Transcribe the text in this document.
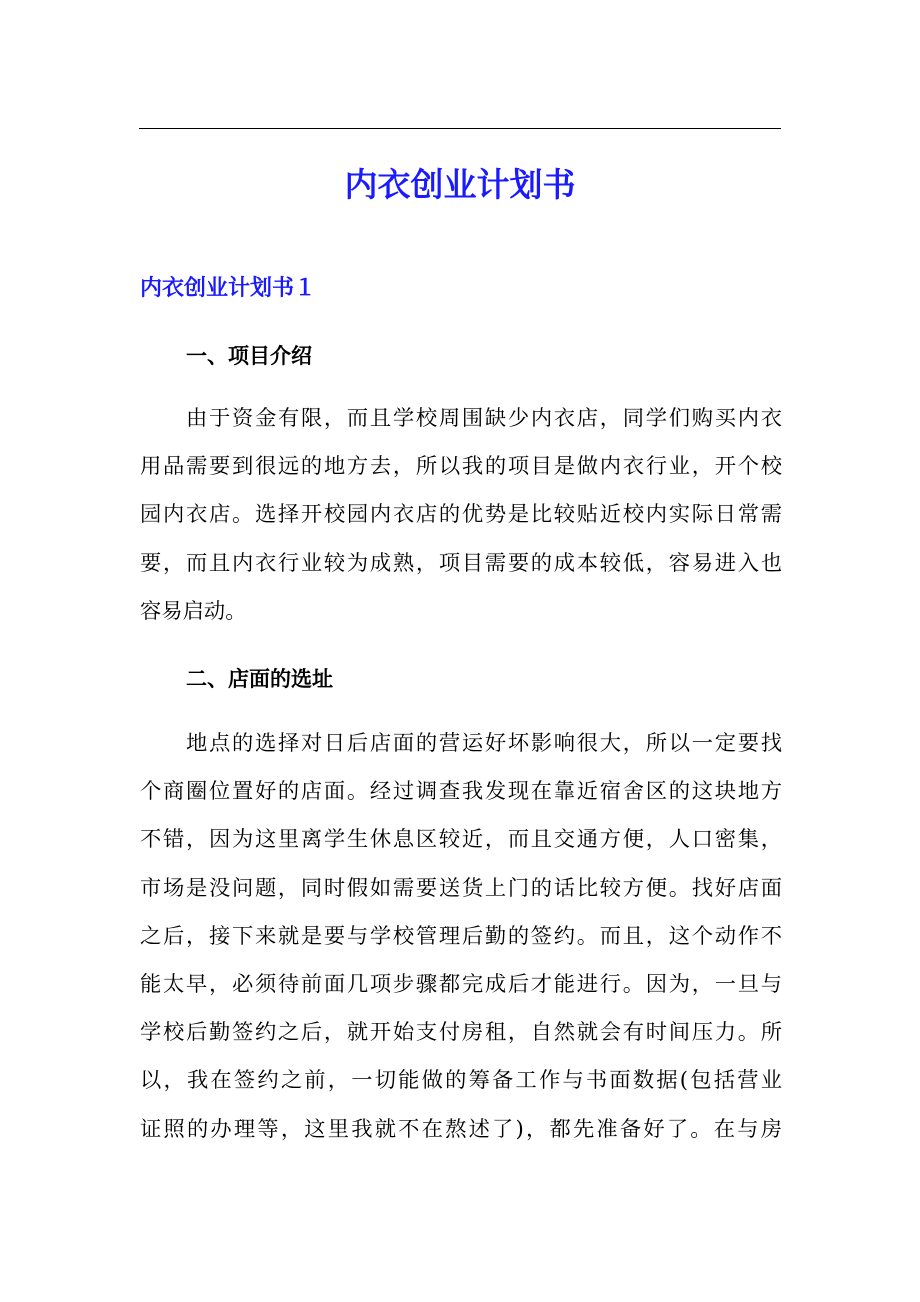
内衣创业计划书
内衣创业计划书１
一、项目介绍

由于资金有限，而且学校周围缺少内衣店，同学们购买内衣
用品需要到很远的地方去，所以我的项目是做内衣行业，开个校
园内衣店。选择开校园内衣店的优势是比较贴近校内实际日常需
要，而且内衣行业较为成熟，项目需要的成本较低，容易进入也
容易启动。

二、店面的选址

地点的选择对日后店面的营运好坏影响很大，所以一定要找
个商圈位置好的店面。经过调查我发现在靠近宿舍区的这块地方
不错，因为这里离学生休息区较近，而且交通方便，人口密集，
市场是没问题，同时假如需要送货上门的话比较方便。找好店面
之后，接下来就是要与学校管理后勤的签约。而且，这个动作不
能太早，必须待前面几项步骤都完成后才能进行。因为，一旦与
学校后勤签约之后，就开始支付房租，自然就会有时间压力。所
以，我在签约之前，一切能做的筹备工作与书面数据(包括营业
证照的办理等，这里我就不在熬述了)，都先准备好了。在与房
